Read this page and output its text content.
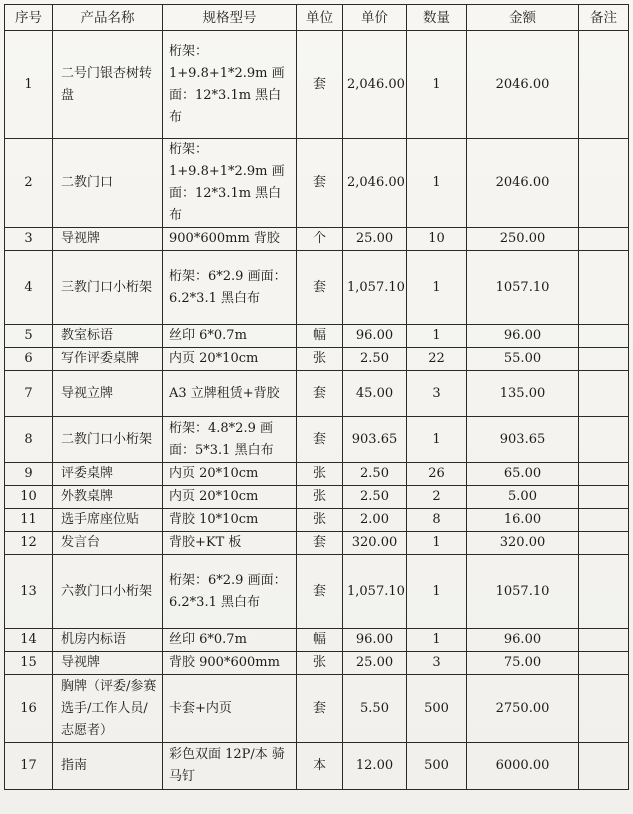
序号	产品名称	规格型号	单位	单价	数量	金额	备注
1	二号门银杏树转盘	桁架：1+9.8+1*2.9m 画面：12*3.1m 黑白布	套	2,046.00	1	2046.00	
2	二教门口	桁架：1+9.8+1*2.9m 画面：12*3.1m 黑白布	套	2,046.00	1	2046.00	
3	导视牌	900*600mm 背胶	个	25.00	10	250.00	
4	三教门口小桁架	桁架：6*2.9 画面：6.2*3.1 黑白布	套	1,057.10	1	1057.10	
5	教室标语	丝印 6*0.7m	幅	96.00	1	96.00	
6	写作评委桌牌	内页 20*10cm	张	2.50	22	55.00	
7	导视立牌	A3 立牌租赁+背胶	套	45.00	3	135.00	
8	二教门口小桁架	桁架：4.8*2.9 画面：5*3.1 黑白布	套	903.65	1	903.65	
9	评委桌牌	内页 20*10cm	张	2.50	26	65.00	
10	外教桌牌	内页 20*10cm	张	2.50	2	5.00	
11	选手席座位贴	背胶 10*10cm	张	2.00	8	16.00	
12	发言台	背胶+KT 板	套	320.00	1	320.00	
13	六教门口小桁架	桁架：6*2.9 画面：6.2*3.1 黑白布	套	1,057.10	1	1057.10	
14	机房内标语	丝印 6*0.7m	幅	96.00	1	96.00	
15	导视牌	背胶 900*600mm	张	25.00	3	75.00	
16	胸牌（评委/参赛选手/工作人员/志愿者）	卡套+内页	套	5.50	500	2750.00	
17	指南	彩色双面 12P/本 骑马钉	本	12.00	500	6000.00	
